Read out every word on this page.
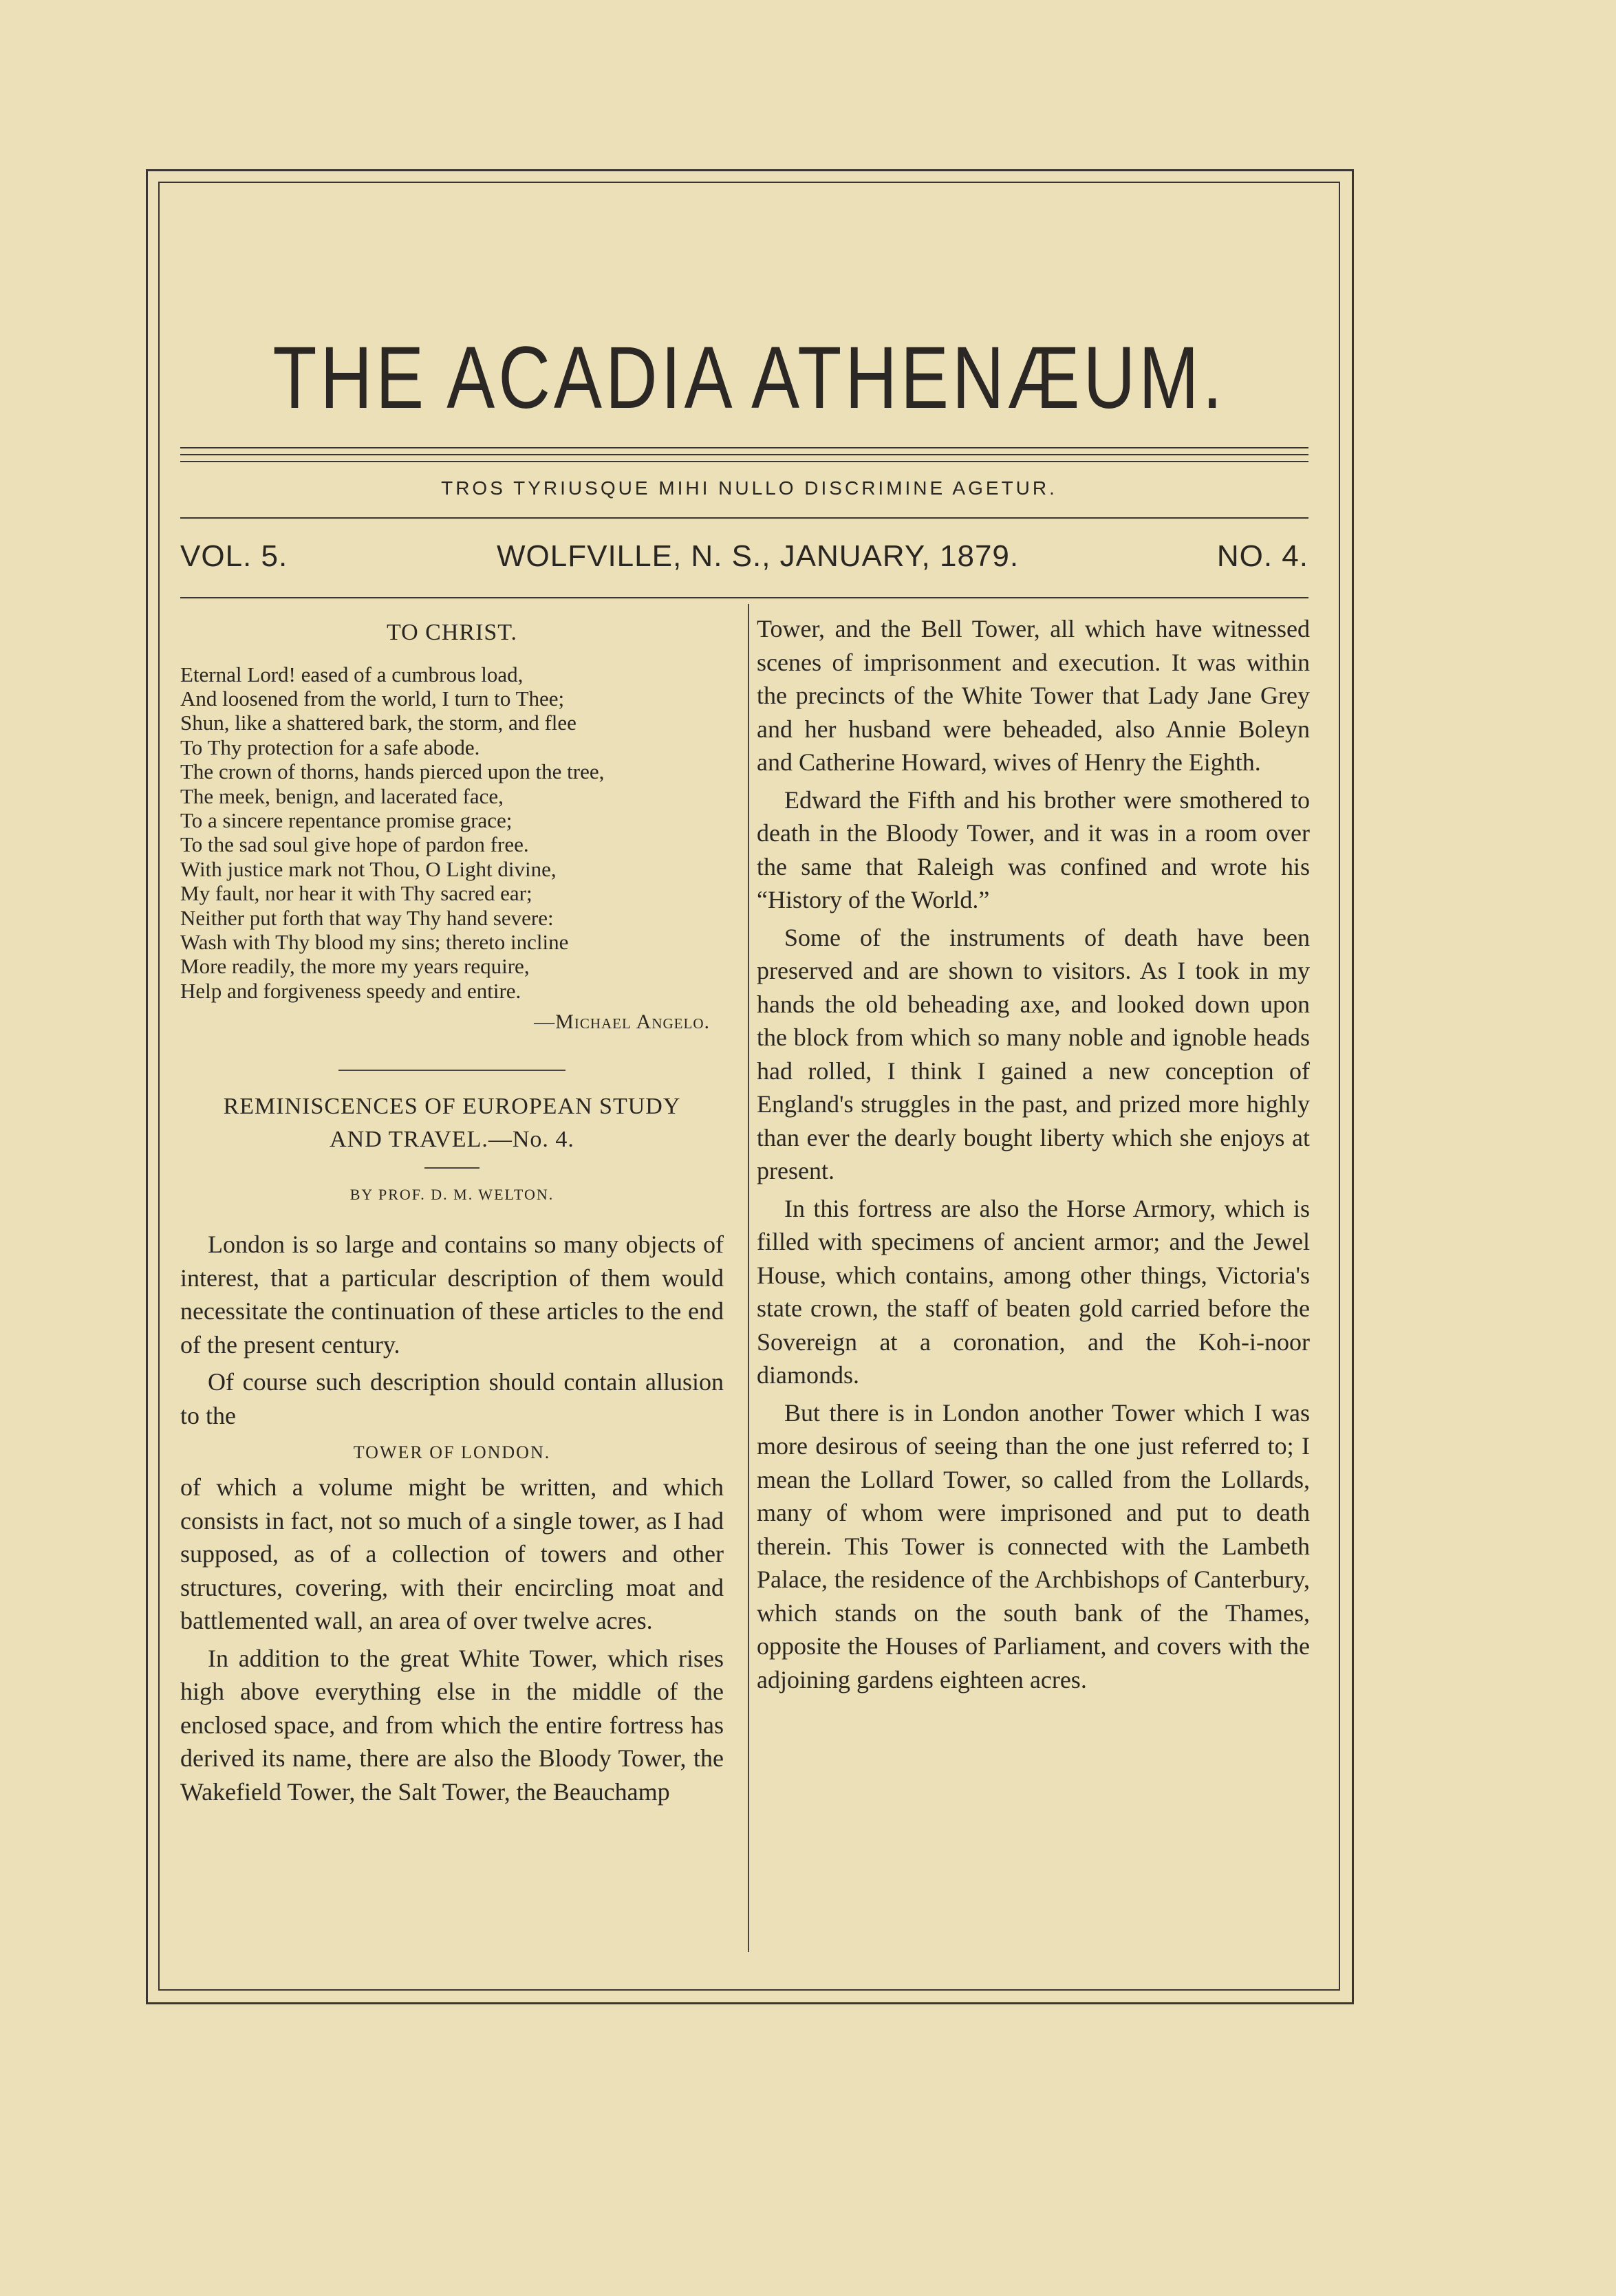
THE ACADIA ATHENÆUM.
TROS TYRIUSQUE MIHI NULLO DISCRIMINE AGETUR.
VOL. 5.	WOLFVILLE, N. S., JANUARY, 1879.	NO. 4.
TO CHRIST.
Eternal Lord! eased of a cumbrous load,
And loosened from the world, I turn to Thee;
Shun, like a shattered bark, the storm, and flee
To Thy protection for a safe abode.
The crown of thorns, hands pierced upon the tree,
The meek, benign, and lacerated face,
To a sincere repentance promise grace;
To the sad soul give hope of pardon free.
With justice mark not Thou, O Light divine,
My fault, nor hear it with Thy sacred ear;
Neither put forth that way Thy hand severe:
Wash with Thy blood my sins; thereto incline
More readily, the more my years require,
Help and forgiveness speedy and entire.
—Michael Angelo.
REMINISCENCES OF EUROPEAN STUDY
AND TRAVEL.—No. 4.
BY PROF. D. M. WELTON.

London is so large and contains so many objects of interest, that a particular description of them would necessitate the continuation of these articles to the end of the present century.

Of course such description should contain allusion to the

TOWER OF LONDON.

of which a volume might be written, and which consists in fact, not so much of a single tower, as I had supposed, as of a collection of towers and other structures, covering, with their encircling moat and battlemented wall, an area of over twelve acres.

In addition to the great White Tower, which rises high above everything else in the middle of the enclosed space, and from which the entire fortress has derived its name, there are also the Bloody Tower, the Wakefield Tower, the Salt Tower, the Beauchamp

Tower, and the Bell Tower, all which have witnessed scenes of imprisonment and execution. It was within the precincts of the White Tower that Lady Jane Grey and her husband were beheaded, also Annie Boleyn and Catherine Howard, wives of Henry the Eighth.

Edward the Fifth and his brother were smothered to death in the Bloody Tower, and it was in a room over the same that Raleigh was confined and wrote his “History of the World.”

Some of the instruments of death have been preserved and are shown to visitors. As I took in my hands the old beheading axe, and looked down upon the block from which so many noble and ignoble heads had rolled, I think I gained a new conception of England's struggles in the past, and prized more highly than ever the dearly bought liberty which she enjoys at present.

In this fortress are also the Horse Armory, which is filled with specimens of ancient armor; and the Jewel House, which contains, among other things, Victoria's state crown, the staff of beaten gold carried before the Sovereign at a coronation, and the Koh-i-noor diamonds.

But there is in London another Tower which I was more desirous of seeing than the one just referred to; I mean the Lollard Tower, so called from the Lollards, many of whom were imprisoned and put to death therein. This Tower is connected with the Lambeth Palace, the residence of the Archbishops of Canterbury, which stands on the south bank of the Thames, opposite the Houses of Parliament, and covers with the adjoining gardens eighteen acres.
